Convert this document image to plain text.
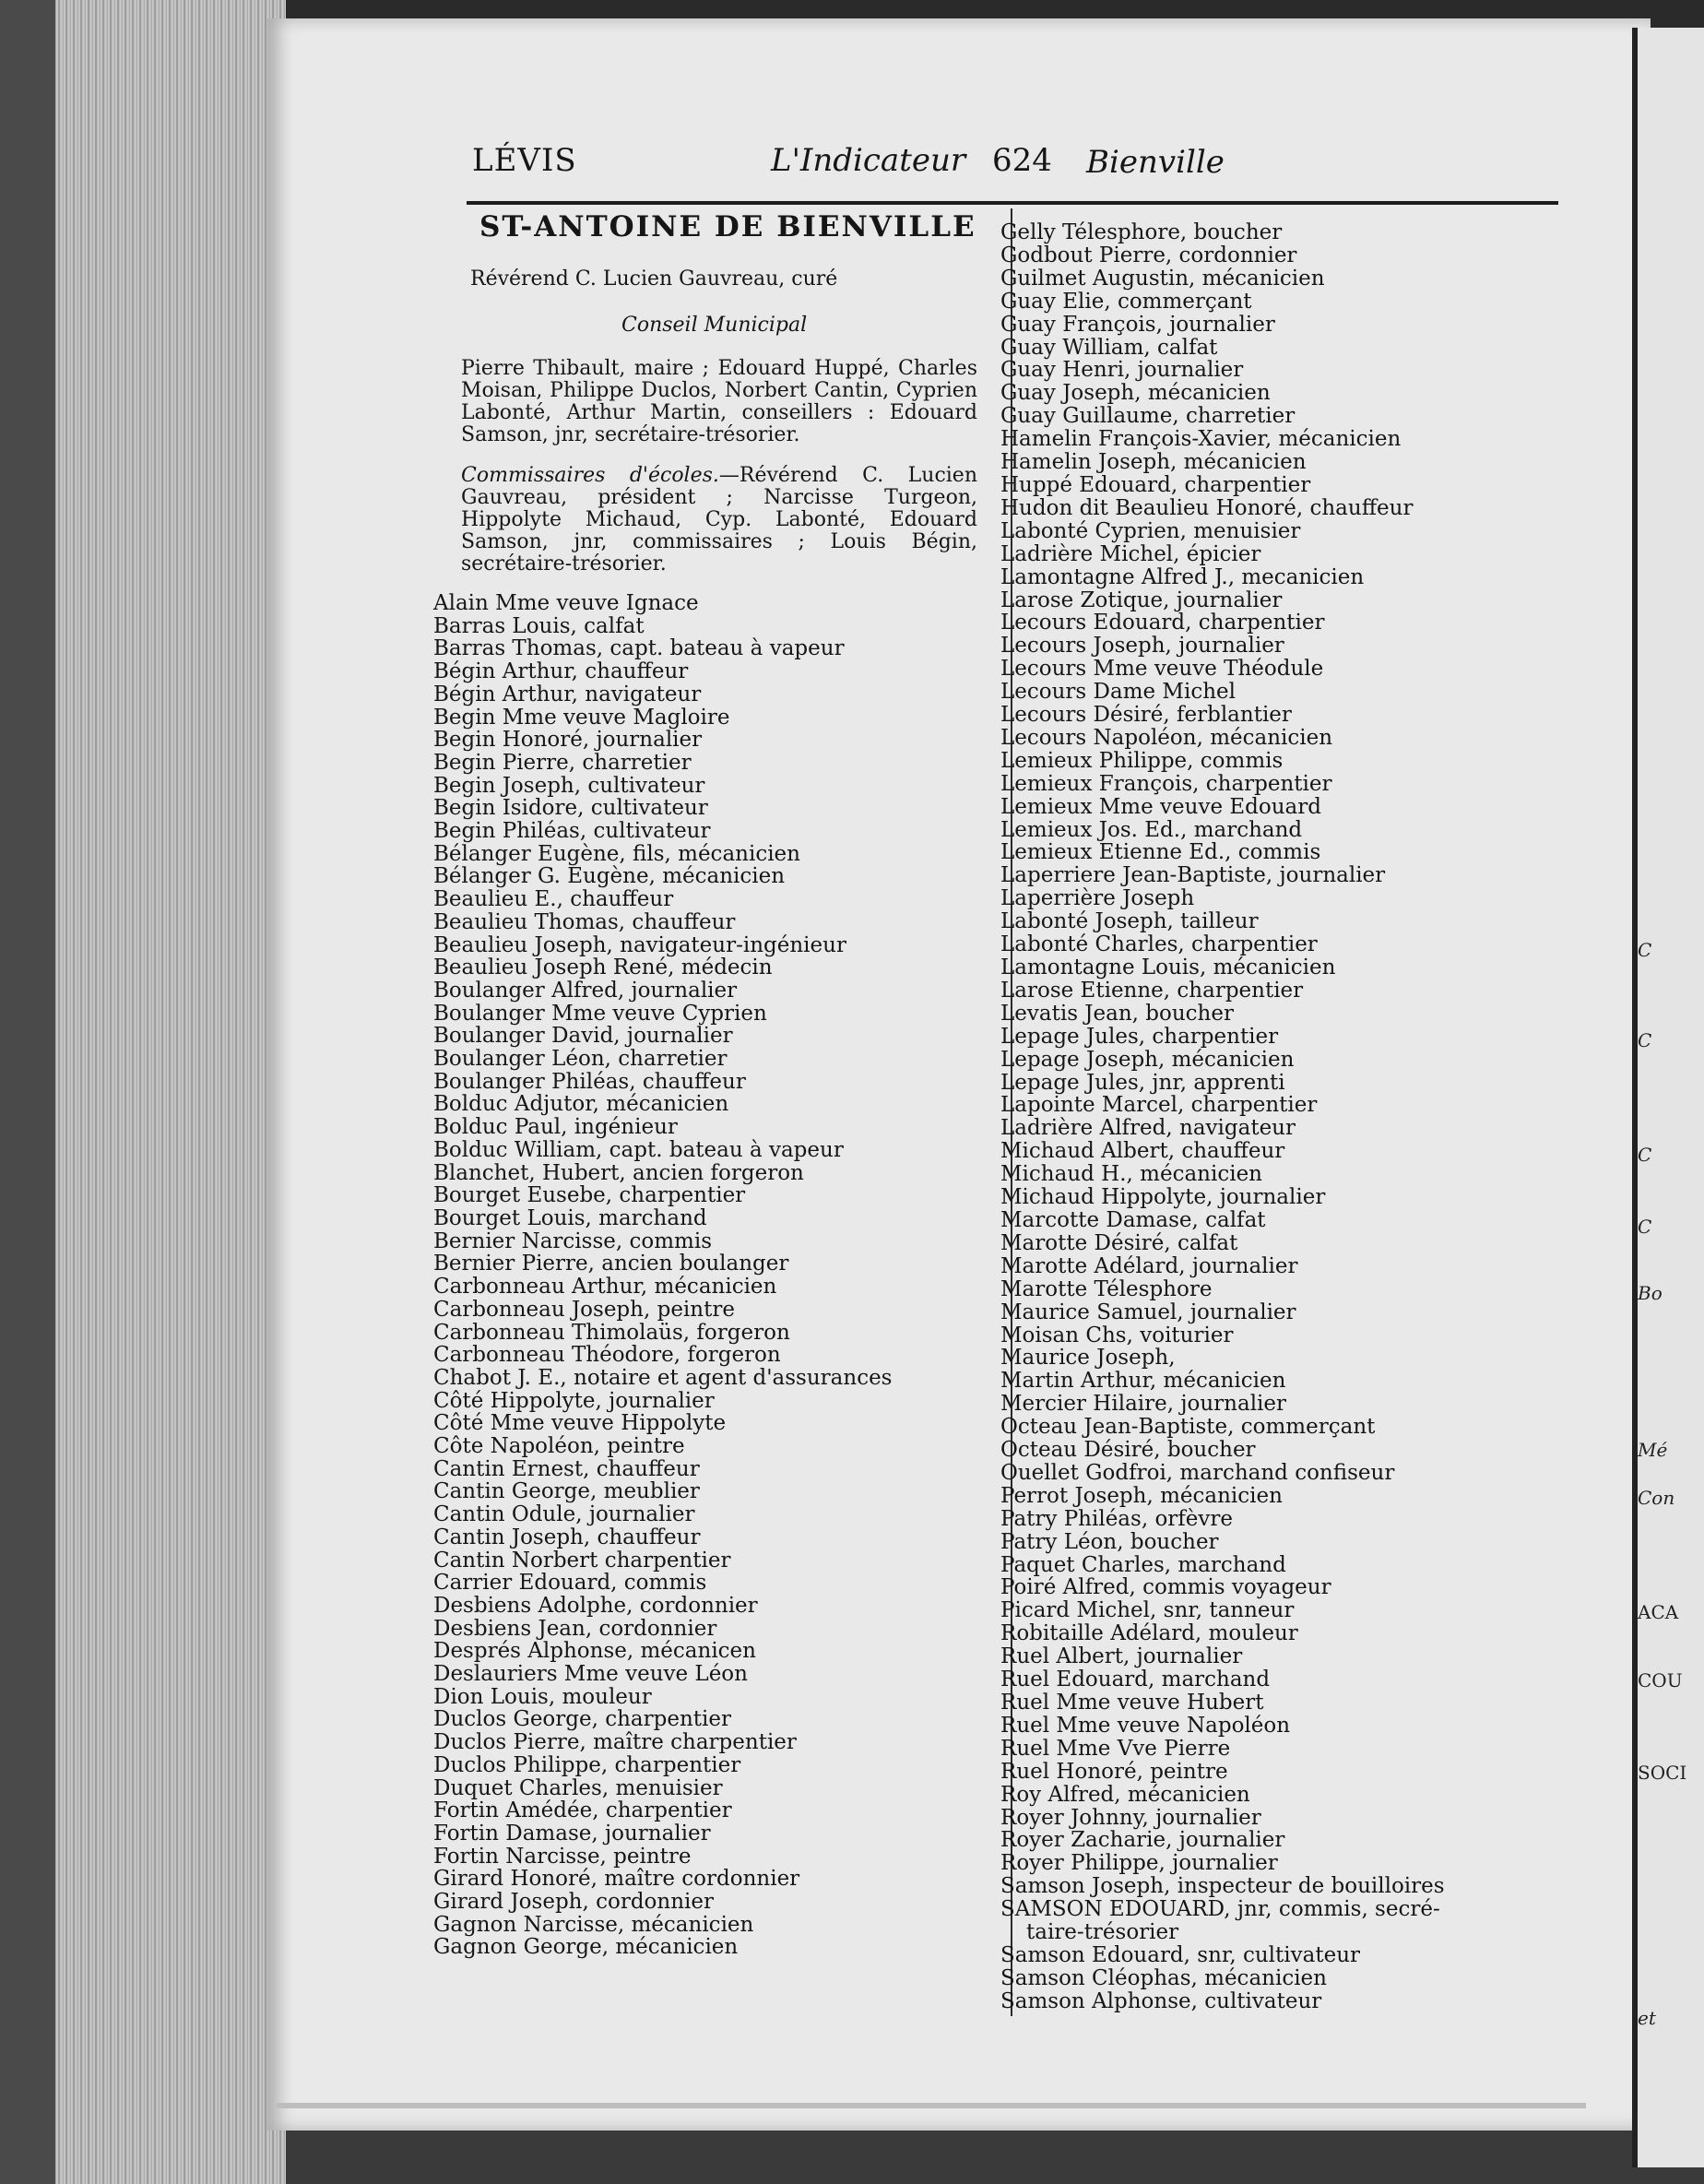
C
C
C
C
Bo
Mé
Con
ACA
COU
SOCI
et
LÉVIS	L'Indicateur 624 Bienville
ST-ANTOINE DE BIENVILLE
Révérend C. Lucien Gauvreau, curé
Conseil Municipal
Pierre Thibault, maire ; Edouard Huppé, Charles Moisan, Philippe Duclos, Norbert Cantin, Cyprien Labonté, Arthur Martin, conseillers : Edouard Samson, jnr, secrétaire-trésorier.
Commissaires d'écoles.—Révérend C. Lucien Gauvreau, président ; Narcisse Turgeon, Hippolyte Michaud, Cyp. Labonté, Edouard Samson, jnr, commissaires ; Louis Bégin, secrétaire-trésorier.
Alain Mme veuve Ignace
Barras Louis, calfat
Barras Thomas, capt. bateau à vapeur
Bégin Arthur, chauffeur
Bégin Arthur, navigateur
Begin Mme veuve Magloire
Begin Honoré, journalier
Begin Pierre, charretier
Begin Joseph, cultivateur
Begin Isidore, cultivateur
Begin Philéas, cultivateur
Bélanger Eugène, fils, mécanicien
Bélanger G. Eugène, mécanicien
Beaulieu E., chauffeur
Beaulieu Thomas, chauffeur
Beaulieu Joseph, navigateur-ingénieur
Beaulieu Joseph René, médecin
Boulanger Alfred, journalier
Boulanger Mme veuve Cyprien
Boulanger David, journalier
Boulanger Léon, charretier
Boulanger Philéas, chauffeur
Bolduc Adjutor, mécanicien
Bolduc Paul, ingénieur
Bolduc William, capt. bateau à vapeur
Blanchet, Hubert, ancien forgeron
Bourget Eusebe, charpentier
Bourget Louis, marchand
Bernier Narcisse, commis
Bernier Pierre, ancien boulanger
Carbonneau Arthur, mécanicien
Carbonneau Joseph, peintre
Carbonneau Thimolaüs, forgeron
Carbonneau Théodore, forgeron
Chabot J. E., notaire et agent d'assurances
Côté Hippolyte, journalier
Côté Mme veuve Hippolyte
Côte Napoléon, peintre
Cantin Ernest, chauffeur
Cantin George, meublier
Cantin Odule, journalier
Cantin Joseph, chauffeur
Cantin Norbert charpentier
Carrier Edouard, commis
Desbiens Adolphe, cordonnier
Desbiens Jean, cordonnier
Després Alphonse, mécanicen
Deslauriers Mme veuve Léon
Dion Louis, mouleur
Duclos George, charpentier
Duclos Pierre, maître charpentier
Duclos Philippe, charpentier
Duquet Charles, menuisier
Fortin Amédée, charpentier
Fortin Damase, journalier
Fortin Narcisse, peintre
Girard Honoré, maître cordonnier
Girard Joseph, cordonnier
Gagnon Narcisse, mécanicien
Gagnon George, mécanicien
Gelly Télesphore, boucher
Godbout Pierre, cordonnier
Guilmet Augustin, mécanicien
Guay Elie, commerçant
Guay François, journalier
Guay William, calfat
Guay Henri, journalier
Guay Joseph, mécanicien
Guay Guillaume, charretier
Hamelin François-Xavier, mécanicien
Hamelin Joseph, mécanicien
Huppé Edouard, charpentier
Hudon dit Beaulieu Honoré, chauffeur
Labonté Cyprien, menuisier
Ladrière Michel, épicier
Lamontagne Alfred J., mecanicien
Larose Zotique, journalier
Lecours Edouard, charpentier
Lecours Joseph, journalier
Lecours Mme veuve Théodule
Lecours Dame Michel
Lecours Désiré, ferblantier
Lecours Napoléon, mécanicien
Lemieux Philippe, commis
Lemieux François, charpentier
Lemieux Mme veuve Edouard
Lemieux Jos. Ed., marchand
Lemieux Etienne Ed., commis
Laperriere Jean-Baptiste, journalier
Laperrière Joseph
Labonté Joseph, tailleur
Labonté Charles, charpentier
Lamontagne Louis, mécanicien
Larose Etienne, charpentier
Levatis Jean, boucher
Lepage Jules, charpentier
Lepage Joseph, mécanicien
Lepage Jules, jnr, apprenti
Lapointe Marcel, charpentier
Ladrière Alfred, navigateur
Michaud Albert, chauffeur
Michaud H., mécanicien
Michaud Hippolyte, journalier
Marcotte Damase, calfat
Marotte Désiré, calfat
Marotte Adélard, journalier
Marotte Télesphore
Maurice Samuel, journalier
Moisan Chs, voiturier
Maurice Joseph,
Martin Arthur, mécanicien
Mercier Hilaire, journalier
Octeau Jean-Baptiste, commerçant
Octeau Désiré, boucher
Ouellet Godfroi, marchand confiseur
Perrot Joseph, mécanicien
Patry Philéas, orfèvre
Patry Léon, boucher
Paquet Charles, marchand
Poiré Alfred, commis voyageur
Picard Michel, snr, tanneur
Robitaille Adélard, mouleur
Ruel Albert, journalier
Ruel Edouard, marchand
Ruel Mme veuve Hubert
Ruel Mme veuve Napoléon
Ruel Mme Vve Pierre
Ruel Honoré, peintre
Roy Alfred, mécanicien
Royer Johnny, journalier
Royer Zacharie, journalier
Royer Philippe, journalier
Samson Joseph, inspecteur de bouilloires
SAMSON EDOUARD, jnr, commis, secré-
taire-trésorier
Samson Edouard, snr, cultivateur
Samson Cléophas, mécanicien
Samson Alphonse, cultivateur
